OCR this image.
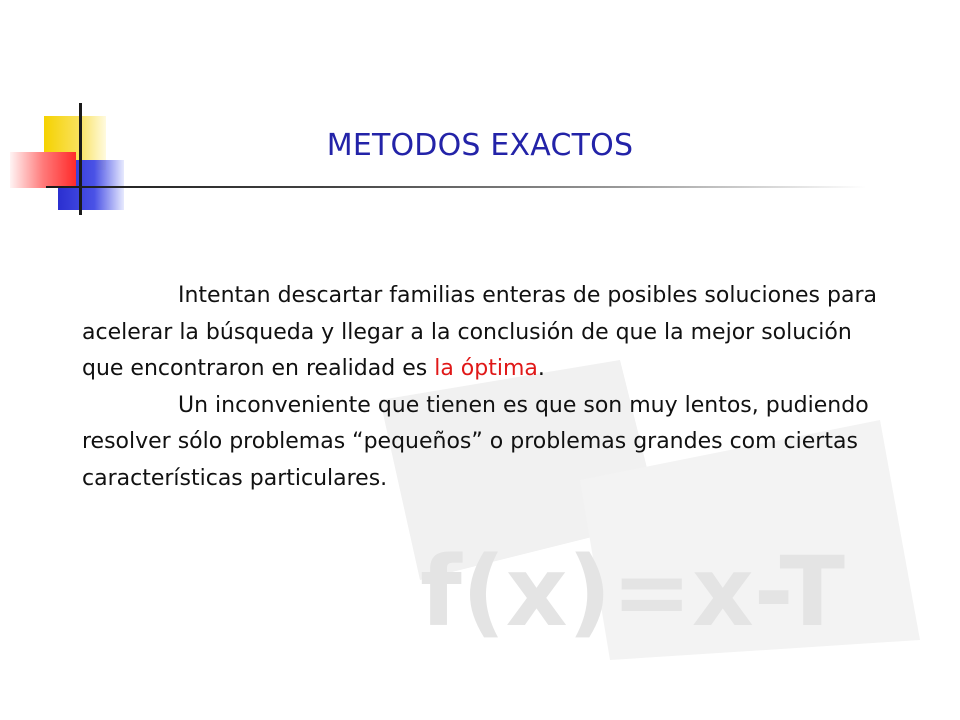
f(x)=x-T
METODOS EXACTOS

Intentan descartar familias enteras de posibles soluciones para acelerar la búsqueda y llegar a la conclusión de que la mejor solución que encontraron en realidad es la óptima.

Un inconveniente que tienen es que son muy lentos, pudiendo resolver sólo problemas “pequeños” o problemas grandes com ciertas características particulares.
